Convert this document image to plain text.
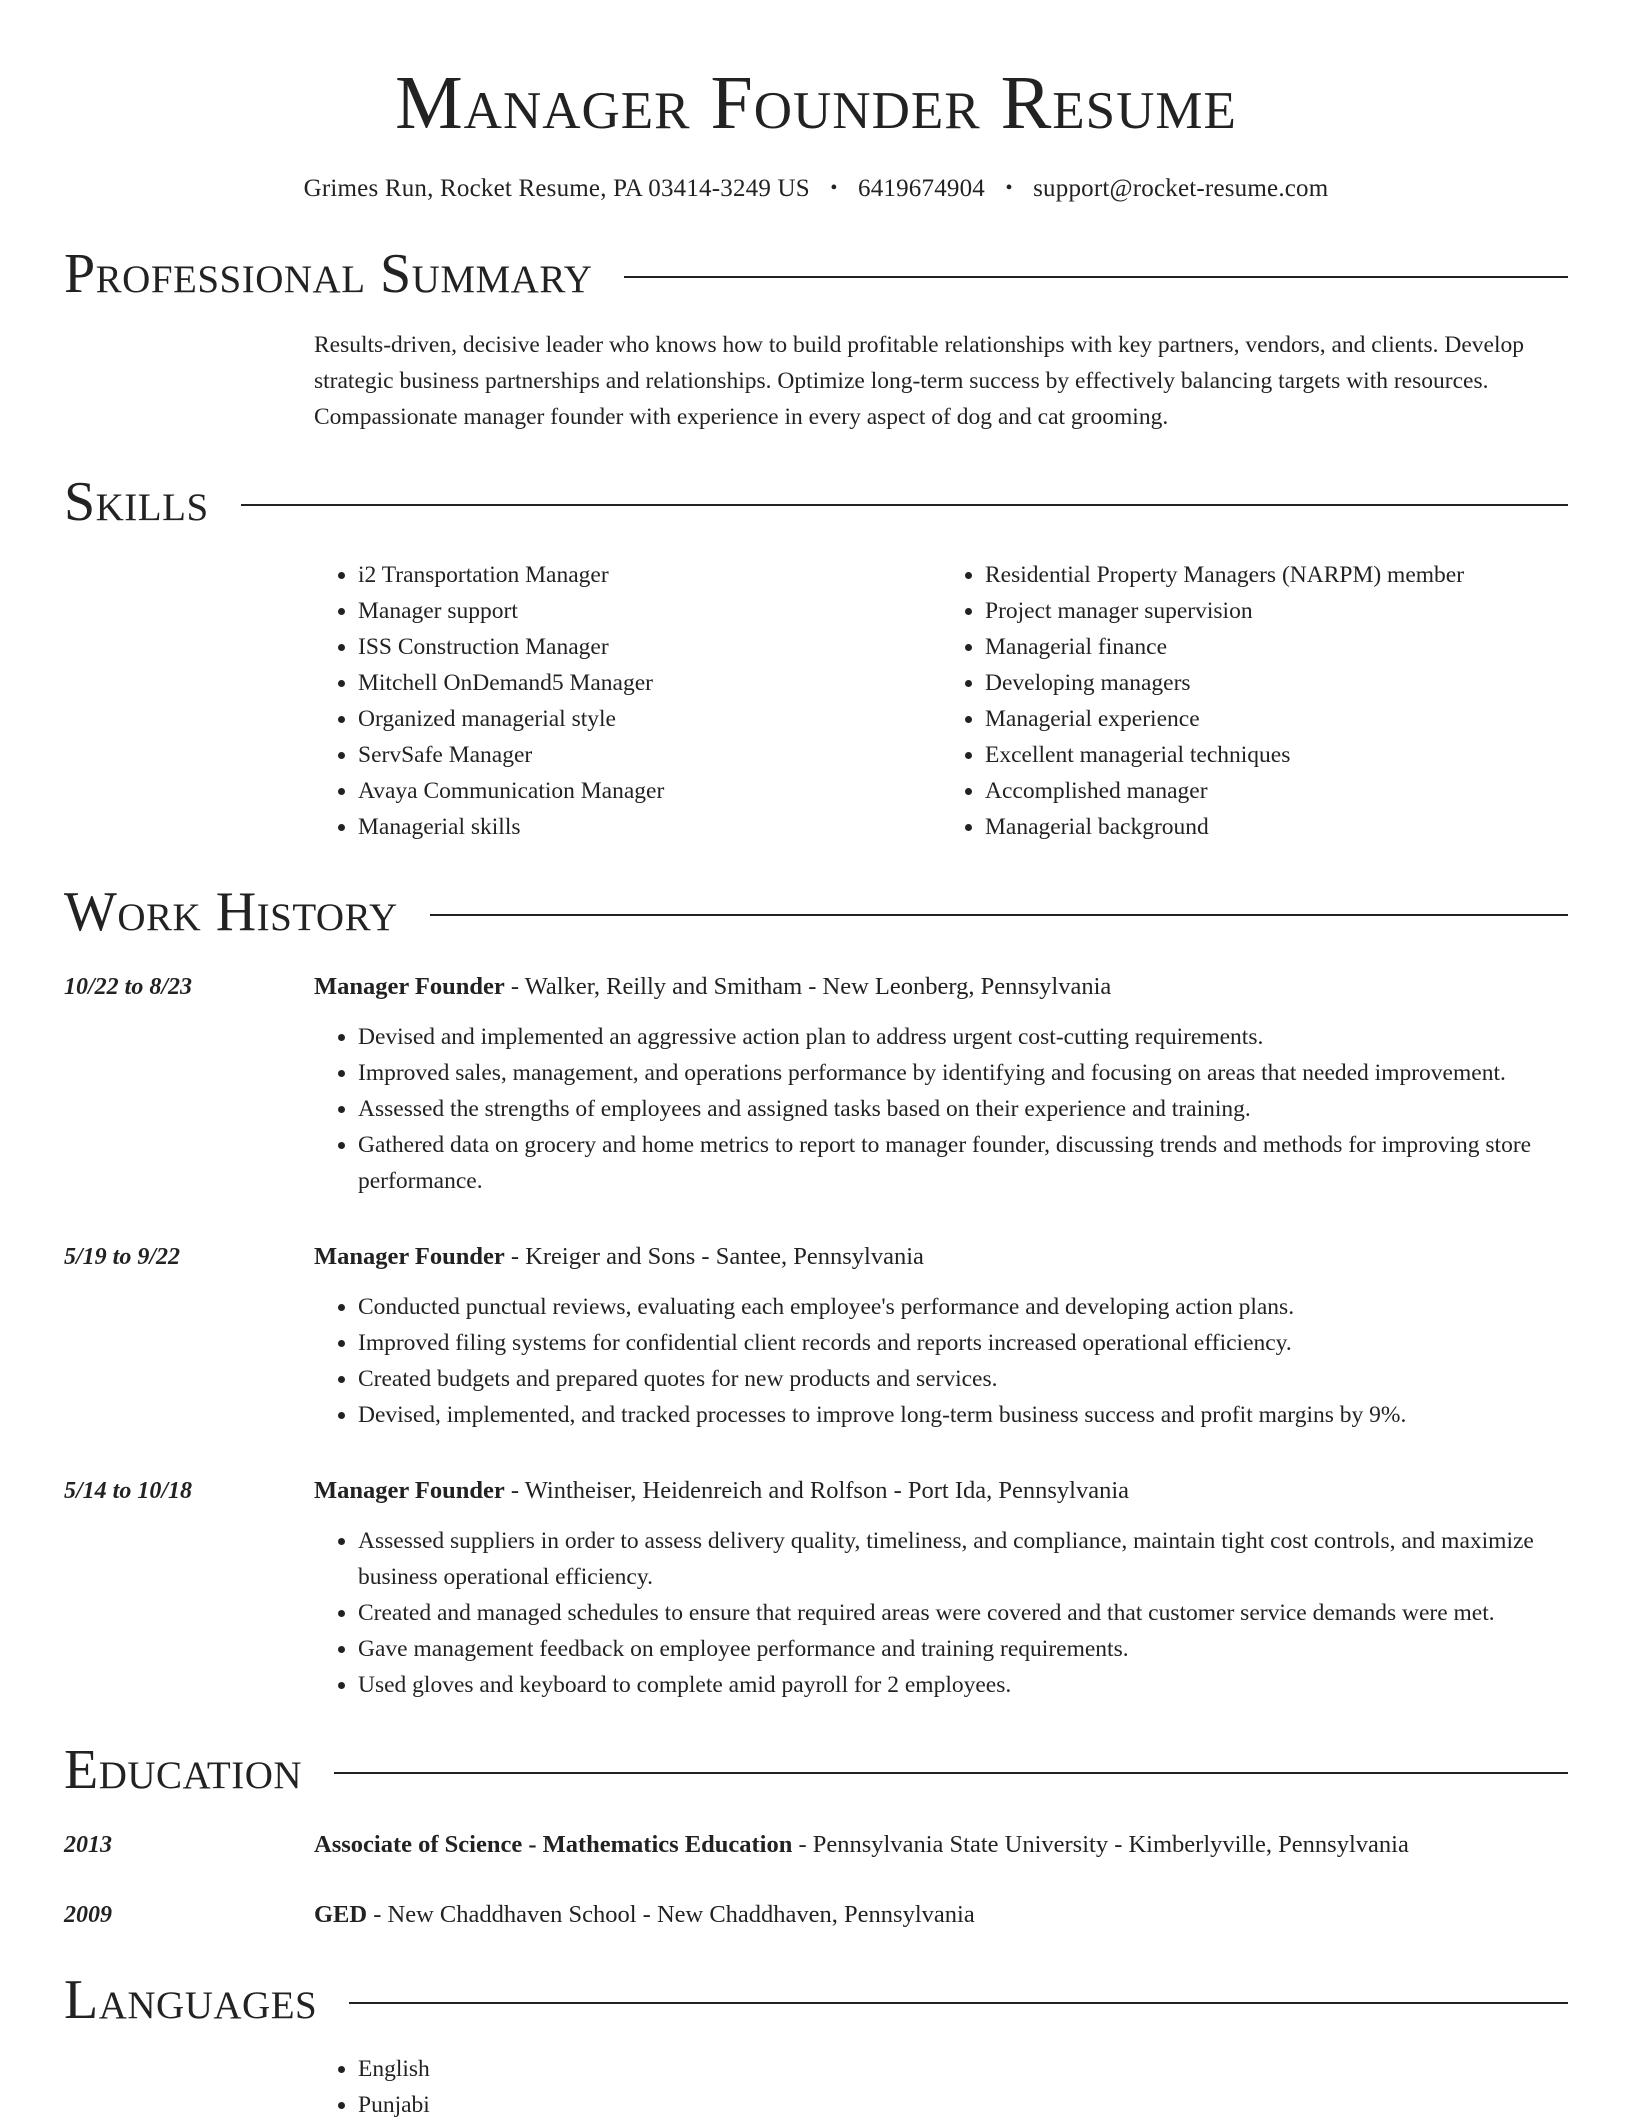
Manager Founder Resume
Grimes Run, Rocket Resume, PA 03414-3249 US • 6419674904 • support@rocket-resume.com
Professional Summary
Results-driven, decisive leader who knows how to build profitable relationships with key partners, vendors, and clients. Develop strategic business partnerships and relationships. Optimize long-term success by effectively balancing targets with resources. Compassionate manager founder with experience in every aspect of dog and cat grooming.
Skills
• i2 Transportation Manager
• Manager support
• ISS Construction Manager
• Mitchell OnDemand5 Manager
• Organized managerial style
• ServSafe Manager
• Avaya Communication Manager
• Managerial skills
• Residential Property Managers (NARPM) member
• Project manager supervision
• Managerial finance
• Developing managers
• Managerial experience
• Excellent managerial techniques
• Accomplished manager
• Managerial background
Work History
10/22 to 8/23	Manager Founder - Walker, Reilly and Smitham - New Leonberg, Pennsylvania
• Devised and implemented an aggressive action plan to address urgent cost-cutting requirements.
• Improved sales, management, and operations performance by identifying and focusing on areas that needed improvement.
• Assessed the strengths of employees and assigned tasks based on their experience and training.
• Gathered data on grocery and home metrics to report to manager founder, discussing trends and methods for improving store performance.
5/19 to 9/22	Manager Founder - Kreiger and Sons - Santee, Pennsylvania
• Conducted punctual reviews, evaluating each employee's performance and developing action plans.
• Improved filing systems for confidential client records and reports increased operational efficiency.
• Created budgets and prepared quotes for new products and services.
• Devised, implemented, and tracked processes to improve long-term business success and profit margins by 9%.
5/14 to 10/18	Manager Founder - Wintheiser, Heidenreich and Rolfson - Port Ida, Pennsylvania
• Assessed suppliers in order to assess delivery quality, timeliness, and compliance, maintain tight cost controls, and maximize business operational efficiency.
• Created and managed schedules to ensure that required areas were covered and that customer service demands were met.
• Gave management feedback on employee performance and training requirements.
• Used gloves and keyboard to complete amid payroll for 2 employees.
Education
2013	Associate of Science - Mathematics Education - Pennsylvania State University - Kimberlyville, Pennsylvania
2009	GED - New Chaddhaven School - New Chaddhaven, Pennsylvania
Languages
• English
• Punjabi
